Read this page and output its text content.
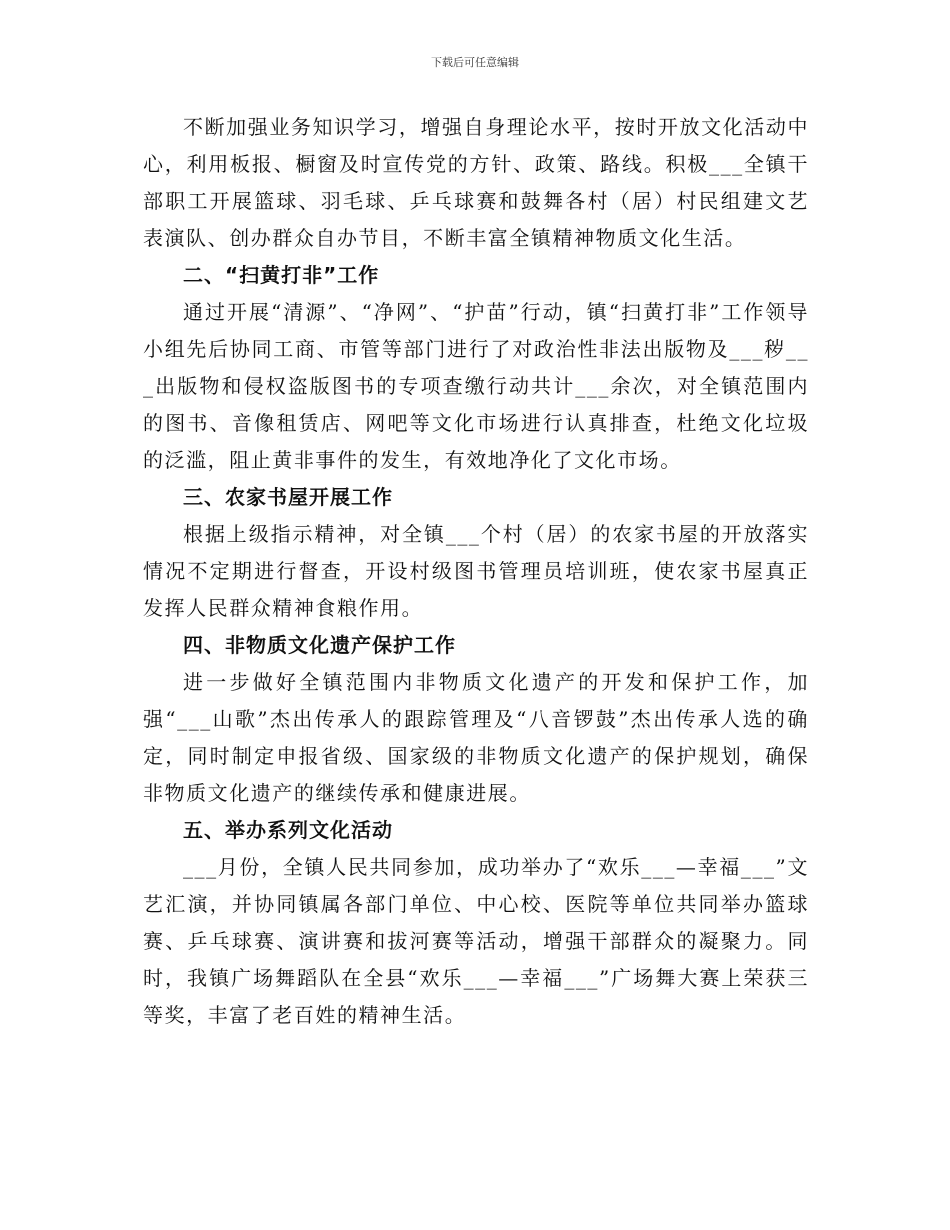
下载后可任意编辑

不断加强业务知识学习，增强自身理论水平，按时开放文化活动中心，利用板报、橱窗及时宣传党的方针、政策、路线。积极___全镇干部职工开展篮球、羽毛球、乒乓球赛和鼓舞各村（居）村民组建文艺表演队、创办群众自办节目，不断丰富全镇精神物质文化生活。

二、“扫黄打非”工作

通过开展“清源”、“净网”、“护苗”行动，镇“扫黄打非”工作领导小组先后协同工商、市管等部门进行了对政治性非法出版物及___秽___出版物和侵权盗版图书的专项查缴行动共计___余次，对全镇范围内的图书、音像租赁店、网吧等文化市场进行认真排查，杜绝文化垃圾的泛滥，阻止黄非事件的发生，有效地净化了文化市场。

三、农家书屋开展工作

根据上级指示精神，对全镇___个村（居）的农家书屋的开放落实情况不定期进行督查，开设村级图书管理员培训班，使农家书屋真正发挥人民群众精神食粮作用。

四、非物质文化遗产保护工作

进一步做好全镇范围内非物质文化遗产的开发和保护工作，加强“___山歌”杰出传承人的跟踪管理及“八音锣鼓”杰出传承人选的确定，同时制定申报省级、国家级的非物质文化遗产的保护规划，确保非物质文化遗产的继续传承和健康进展。

五、举办系列文化活动

___月份，全镇人民共同参加，成功举办了“欢乐___—幸福___”文艺汇演，并协同镇属各部门单位、中心校、医院等单位共同举办篮球赛、乒乓球赛、演讲赛和拔河赛等活动，增强干部群众的凝聚力。同时，我镇广场舞蹈队在全县“欢乐___—幸福___”广场舞大赛上荣获三等奖，丰富了老百姓的精神生活。
